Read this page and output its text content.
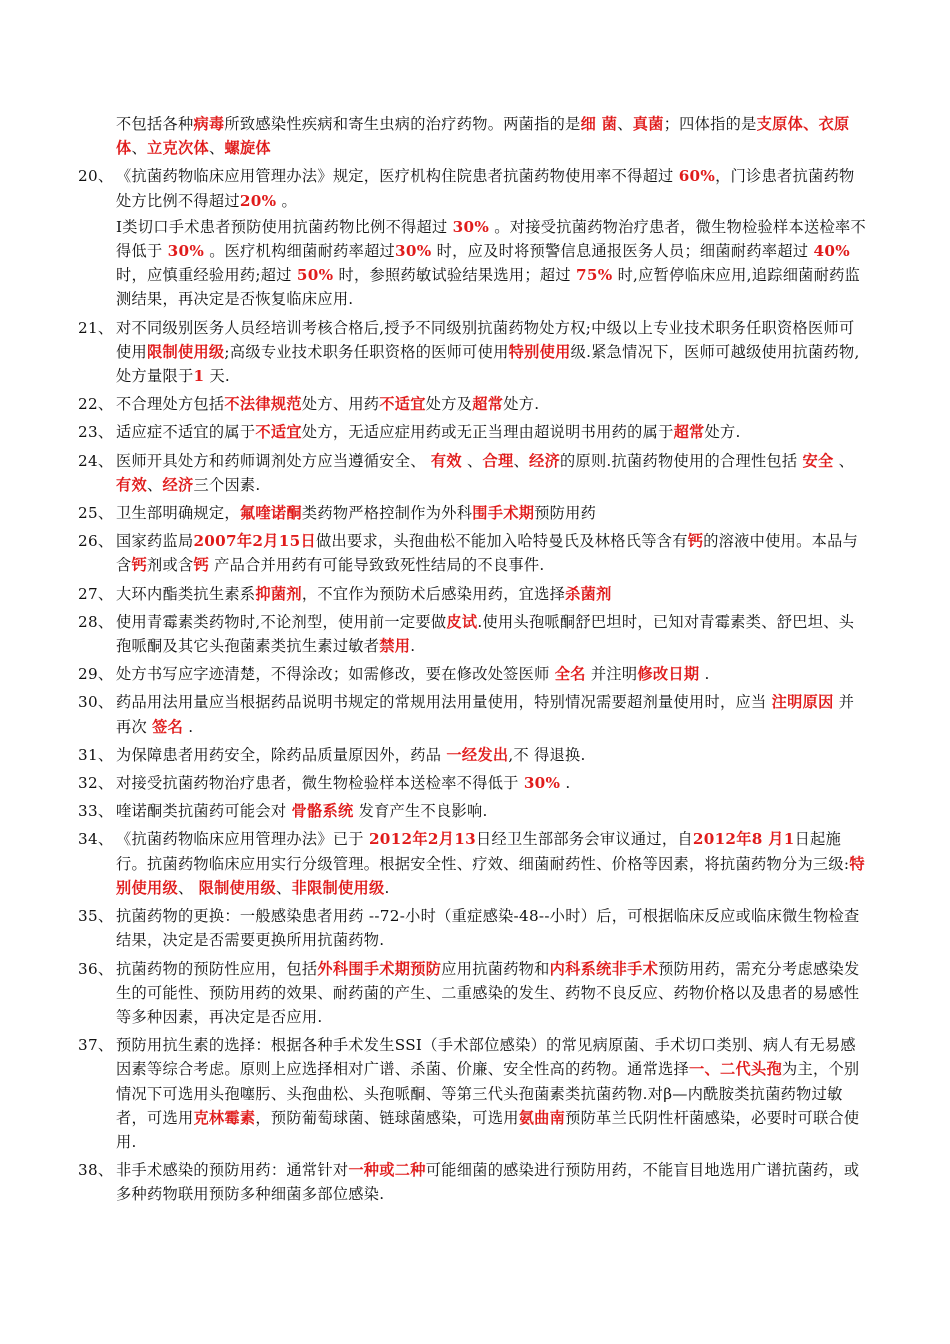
不包括各种病毒所致感染性疾病和寄生虫病的治疗药物。两菌指的是细 菌、真菌；四体指的是支原体、衣原体、立克次体、螺旋体
20、 《抗菌药物临床应用管理办法》规定，医疗机构住院患者抗菌药物使用率不得超过 60%，门诊患者抗菌药物处方比例不得超过20% 。
Ⅰ类切口手术患者预防使用抗菌药物比例不得超过 30% 。对接受抗菌药物治疗患者，微生物检验样本送检率不得低于 30% 。医疗机构细菌耐药率超过30% 时，应及时将预警信息通报医务人员；细菌耐药率超过 40% 时，应慎重经验用药;超过 50% 时，参照药敏试验结果选用；超过 75% 时,应暂停临床应用,追踪细菌耐药监测结果，再决定是否恢复临床应用.
21、 对不同级别医务人员经培训考核合格后,授予不同级别抗菌药物处方权;中级以上专业技术职务任职资格医师可使用限制使用级;高级专业技术职务任职资格的医师可使用特别使用级.紧急情况下，医师可越级使用抗菌药物,处方量限于1 天.
22、 不合理处方包括不法律规范处方、用药不适宜处方及超常处方.
23、 适应症不适宜的属于不适宜处方，无适应症用药或无正当理由超说明书用药的属于超常处方.
24、 医师开具处方和药师调剂处方应当遵循安全、 有效 、合理、经济的原则.抗菌药物使用的合理性包括 安全 、有效、经济三个因素.
25、 卫生部明确规定，氟喹诺酮类药物严格控制作为外科围手术期预防用药
26、 国家药监局2007年2月15日做出要求，头孢曲松不能加入哈特曼氏及林格氏等含有钙的溶液中使用。本品与含钙剂或含钙 产品合并用药有可能导致致死性结局的不良事件.
27、 大环内酯类抗生素系抑菌剂，不宜作为预防术后感染用药，宜选择杀菌剂
28、 使用青霉素类药物时,不论剂型，使用前一定要做皮试.使用头孢哌酮舒巴坦时，已知对青霉素类、舒巴坦、头孢哌酮及其它头孢菌素类抗生素过敏者禁用.
29、 处方书写应字迹清楚，不得涂改；如需修改，要在修改处签医师 全名 并注明修改日期 .
30、 药品用法用量应当根据药品说明书规定的常规用法用量使用，特别情况需要超剂量使用时，应当 注明原因 并再次 签名 .
31、 为保障患者用药安全，除药品质量原因外，药品 一经发出,不 得退换.
32、 对接受抗菌药物治疗患者，微生物检验样本送检率不得低于 30% .
33、 喹诺酮类抗菌药可能会对 骨骼系统 发育产生不良影响.
34、 《抗菌药物临床应用管理办法》已于 2012年2月13日经卫生部部务会审议通过，自2012年8 月1日起施行。抗菌药物临床应用实行分级管理。根据安全性、疗效、细菌耐药性、价格等因素，将抗菌药物分为三级:特别使用级、 限制使用级、非限制使用级.
35、 抗菌药物的更换：一般感染患者用药 --72-小时（重症感染-48--小时）后，可根据临床反应或临床微生物检查结果，决定是否需要更换所用抗菌药物.
36、 抗菌药物的预防性应用，包括外科围手术期预防应用抗菌药物和内科系统非手术预防用药，需充分考虑感染发生的可能性、预防用药的效果、耐药菌的产生、二重感染的发生、药物不良反应、药物价格以及患者的易感性等多种因素，再决定是否应用.
37、 预防用抗生素的选择：根据各种手术发生SSI（手术部位感染）的常见病原菌、手术切口类别、病人有无易感因素等综合考虑。原则上应选择相对广谱、杀菌、价廉、安全性高的药物。通常选择一、二代头孢为主，个别情况下可选用头孢噻肟、头孢曲松、头孢哌酮、等第三代头孢菌素类抗菌药物.对β—内酰胺类抗菌药物过敏者，可选用克林霉素，预防葡萄球菌、链球菌感染，可选用氨曲南预防革兰氏阴性杆菌感染，必要时可联合使用.
38、 非手术感染的预防用药：通常针对一种或二种可能细菌的感染进行预防用药，不能盲目地选用广谱抗菌药，或多种药物联用预防多种细菌多部位感染.
